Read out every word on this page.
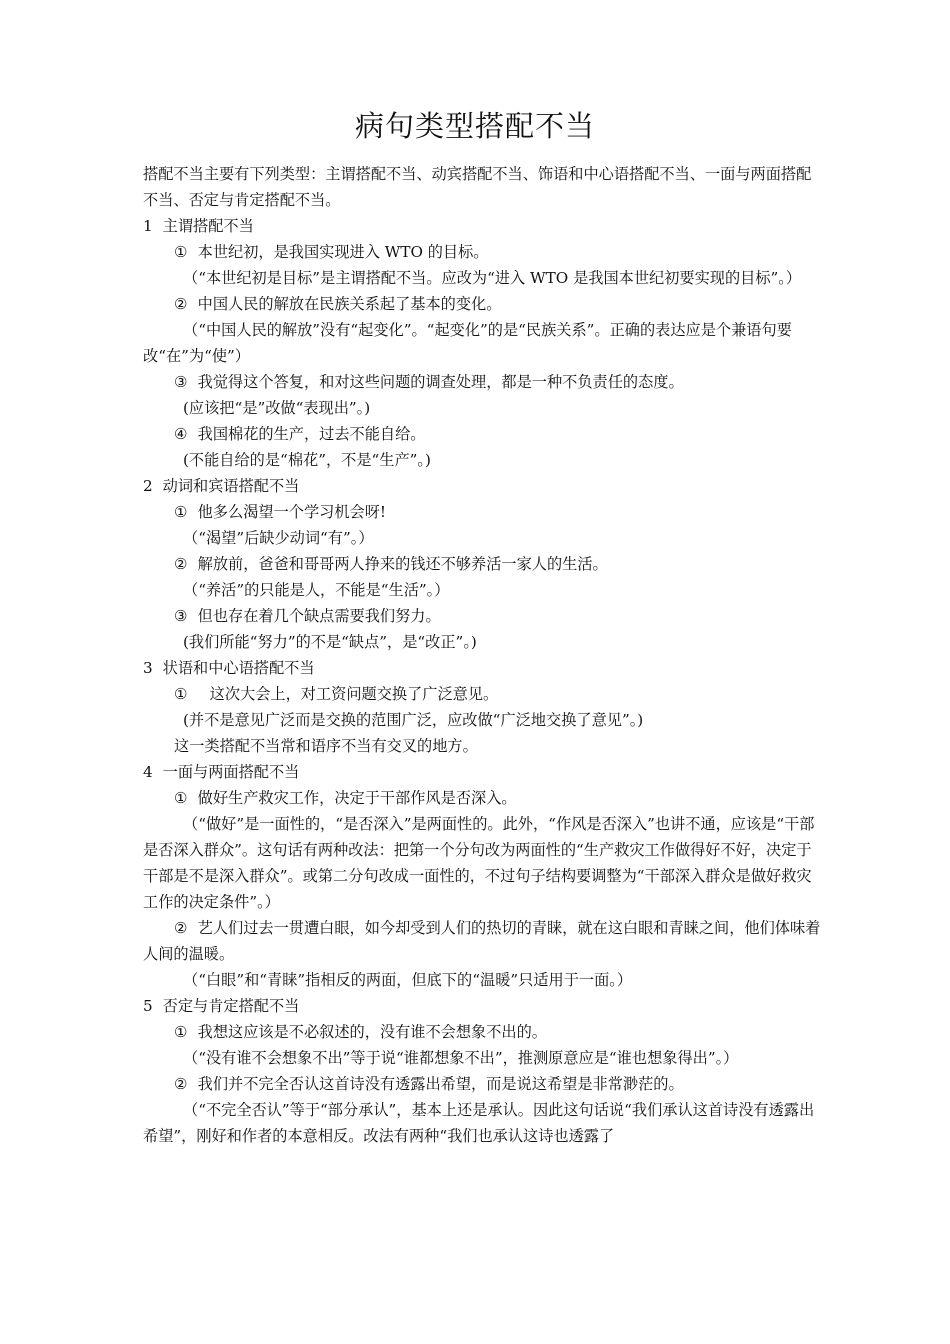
病句类型搭配不当

搭配不当主要有下列类型：主谓搭配不当、动宾搭配不当、饰语和中心语搭配不当、一面与两面搭配不当、否定与肯定搭配不当。

1 主谓搭配不当

① 本世纪初，是我国实现进入 WTO 的目标。

（“本世纪初是目标”是主谓搭配不当。应改为“进入 WTO 是我国本世纪初要实现的目标”。）

② 中国人民的解放在民族关系起了基本的变化。

（“中国人民的解放”没有“起变化”。“起变化”的是“民族关系”。正确的表达应是个兼语句要改“在”为“使”）

③ 我觉得这个答复，和对这些问题的调查处理，都是一种不负责任的态度。

(应该把“是”改做“表现出”。)

④ 我国棉花的生产，过去不能自给。

(不能自给的是“棉花”，不是“生产”。)

2 动词和宾语搭配不当

① 他多么渴望一个学习机会呀!

（“渴望”后缺少动词“有”。）

② 解放前，爸爸和哥哥两人挣来的钱还不够养活一家人的生活。

（“养活”的只能是人，不能是“生活”。）

③ 但也存在着几个缺点需要我们努力。

(我们所能“努力”的不是“缺点”，是“改正”。)

3 状语和中心语搭配不当

① 这次大会上，对工资问题交换了广泛意见。

(并不是意见广泛而是交换的范围广泛，应改做“广泛地交换了意见”。)

这一类搭配不当常和语序不当有交叉的地方。

4 一面与两面搭配不当

① 做好生产救灾工作，决定于干部作风是否深入。

（“做好”是一面性的，“是否深入”是两面性的。此外，“作风是否深入”也讲不通，应该是“干部是否深入群众”。这句话有两种改法：把第一个分句改为两面性的“生产救灾工作做得好不好，决定于干部是不是深入群众”。或第二分句改成一面性的，不过句子结构要调整为“干部深入群众是做好救灾工作的决定条件”。）

② 艺人们过去一贯遭白眼，如今却受到人们的热切的青睐，就在这白眼和青睐之间，他们体味着人间的温暖。

（“白眼”和“青睐”指相反的两面，但底下的“温暖”只适用于一面。）

5 否定与肯定搭配不当

① 我想这应该是不必叙述的，没有谁不会想象不出的。

（“没有谁不会想象不出”等于说“谁都想象不出”，推测原意应是“谁也想象得出”。）

② 我们并不完全否认这首诗没有透露出希望，而是说这希望是非常渺茫的。

（“不完全否认”等于“部分承认”，基本上还是承认。因此这句话说“我们承认这首诗没有透露出希望”，刚好和作者的本意相反。改法有两种“我们也承认这诗也透露了
